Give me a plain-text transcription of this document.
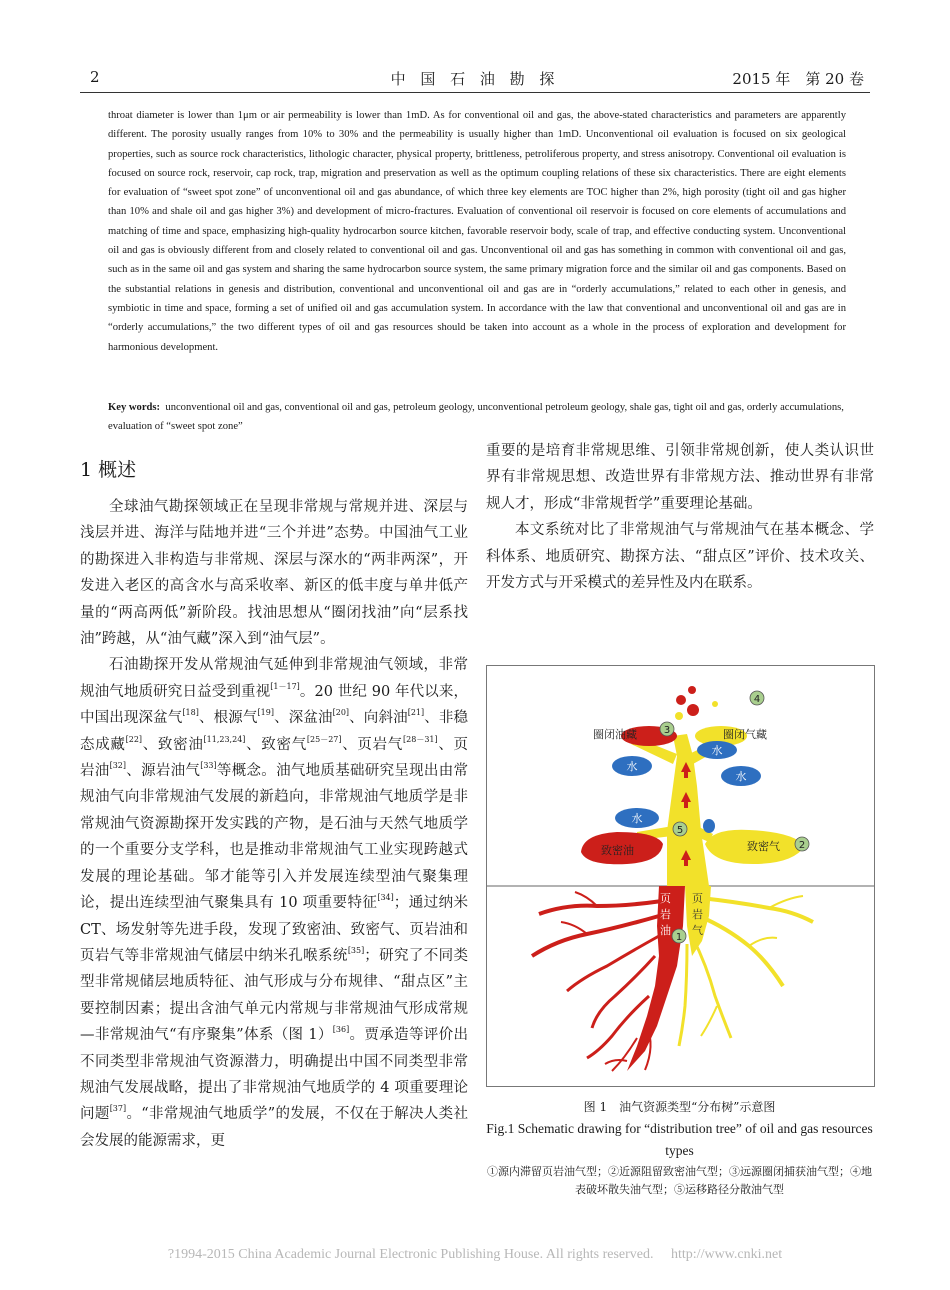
2	中 国 石 油 勘 探	2015 年　第 20 卷
throat diameter is lower than 1μm or air permeability is lower than 1mD. As for conventional oil and gas, the above-stated characteristics and parameters are apparently different. The porosity usually ranges from 10% to 30% and the permeability is usually higher than 1mD. Unconventional oil evaluation is focused on six geological properties, such as source rock characteristics, lithologic character, physical property, brittleness, petroliferous property, and stress anisotropy. Conventional oil evaluation is focused on source rock, reservoir, cap rock, trap, migration and preservation as well as the optimum coupling relations of these six characteristics. There are eight elements for evaluation of “sweet spot zone” of unconventional oil and gas abundance, of which three key elements are TOC higher than 2%, high porosity (tight oil and gas higher than 10% and shale oil and gas higher 3%) and development of micro-fractures. Evaluation of conventional oil reservoir is focused on core elements of accumulations and matching of time and space, emphasizing high-quality hydrocarbon source kitchen, favorable reservoir body, scale of trap, and effective conducting system. Unconventional oil and gas is obviously different from and closely related to conventional oil and gas. Unconventional oil and gas has something in common with conventional oil and gas, such as in the same oil and gas system and sharing the same hydrocarbon source system, the same primary migration force and the similar oil and gas components. Based on the substantial relations in genesis and distribution, conventional and unconventional oil and gas are in “orderly accumulations,” related to each other in genesis, and symbiotic in time and space, forming a set of unified oil and gas accumulation system. In accordance with the law that conventional and unconventional oil and gas are in “orderly accumulations,” the two different types of oil and gas resources should be taken into account as a whole in the process of exploration and development for harmonious development.
Key words: unconventional oil and gas, conventional oil and gas, petroleum geology, unconventional petroleum geology, shale gas, tight oil and gas, orderly accumulations, evaluation of “sweet spot zone”
1 概述

全球油气勘探领域正在呈现非常规与常规并进、深层与浅层并进、海洋与陆地并进“三个并进”态势。中国油气工业的勘探进入非构造与非常规、深层与深水的“两非两深”，开发进入老区的高含水与高采收率、新区的低丰度与单井低产量的“两高两低”新阶段。找油思想从“圈闭找油”向“层系找油”跨越，从“油气藏”深入到“油气层”。

石油勘探开发从常规油气延伸到非常规油气领域，非常规油气地质研究日益受到重视[1－17]。20 世纪 90 年代以来，中国出现深盆气[18]、根源气[19]、深盆油[20]、向斜油[21]、非稳态成藏[22]、致密油[11,23,24]、致密气[25－27]、页岩气[28－31]、页岩油[32]、源岩油气[33]等概念。油气地质基础研究呈现出由常规油气向非常规油气发展的新趋向，非常规油气地质学是非常规油气资源勘探开发实践的产物，是石油与天然气地质学的一个重要分支学科，也是推动非常规油气工业实现跨越式发展的理论基础。邹才能等引入并发展连续型油气聚集理论，提出连续型油气聚集具有 10 项重要特征[34]；通过纳米 CT、场发射等先进手段，发现了致密油、致密气、页岩油和页岩气等非常规油气储层中纳米孔喉系统[35]；研究了不同类型非常规储层地质特征、油气形成与分布规律、“甜点区”主要控制因素；提出含油气单元内常规与非常规油气形成常规—非常规油气“有序聚集”体系（图 1）[36]。贾承造等评价出不同类型非常规油气资源潜力，明确提出中国不同类型非常规油气发展战略，提出了非常规油气地质学的 4 项重要理论问题[37]。“非常规油气地质学”的发展，不仅在于解决人类社会发展的能源需求，更

重要的是培育非常规思维、引领非常规创新，使人类认识世界有非常规思想、改造世界有非常规方法、推动世界有非常规人才，形成“非常规哲学”重要理论基础。

本文系统对比了非常规油气与常规油气在基本概念、学科体系、地质研究、勘探方法、“甜点区”评价、技术攻关、开发方式与开采模式的差异性及内在联系。

4
3
5
2
1
圈闭油藏	圈闭气藏
致密油	致密气
水
水
水
水
页
岩
油
页
岩
气
图 1　油气资源类型“分布树”示意图
Fig.1 Schematic drawing for “distribution tree” of oil and gas resources types
①源内滞留页岩油气型；②近源阻留致密油气型；③远源圈闭捕获油气型；④地表破坏散失油气型；⑤运移路径分散油气型
?1994-2015 China Academic Journal Electronic Publishing House. All rights reserved.　 http://www.cnki.net
